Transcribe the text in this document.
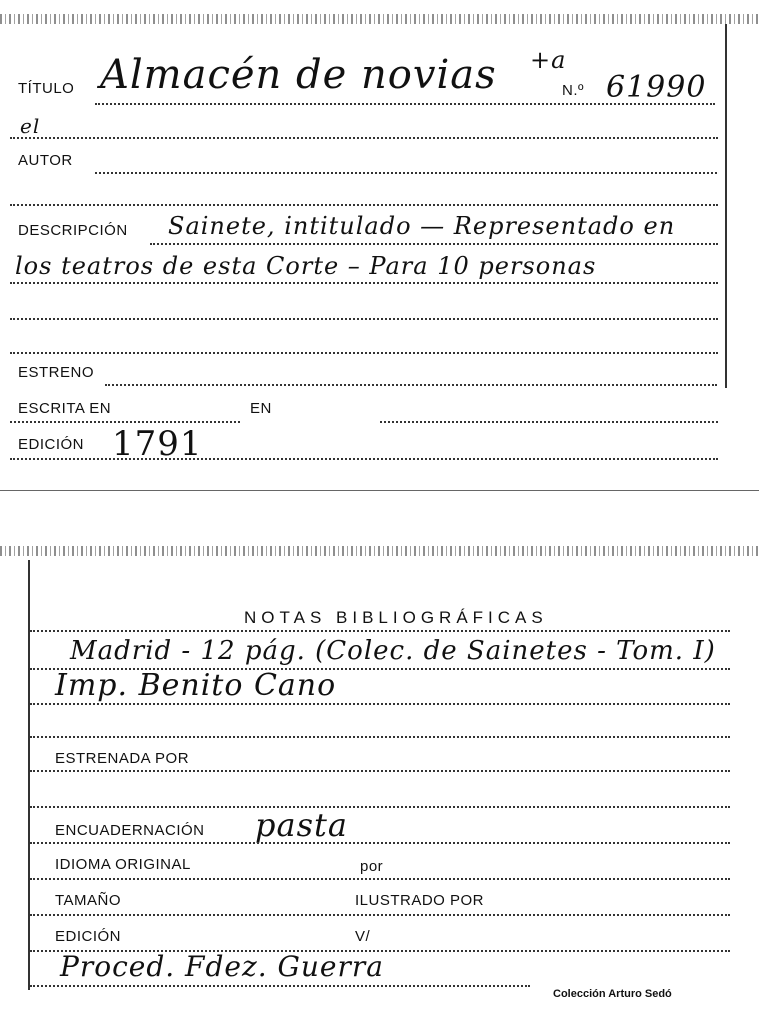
TÍTULO Almacén de novias +a
N.º 61990
el
AUTOR
DESCRIPCIÓN Sainete, intitulado — Representado en
los teatros de esta Corte – Para 10 personas
ESTRENO
ESCRITA EN	EN
EDICIÓN 1791
NOTAS BIBLIOGRÁFICAS
Madrid - 12 pág. (Colec. de Sainetes - Tom. I)
Imp. Benito Cano
ESTRENADA POR
ENCUADERNACIÓN pasta
IDIOMA ORIGINAL	por
TAMAÑO	ILUSTRADO POR
EDICIÓN	V/
Proced. Fdez. Guerra
Colección Arturo Sedó
